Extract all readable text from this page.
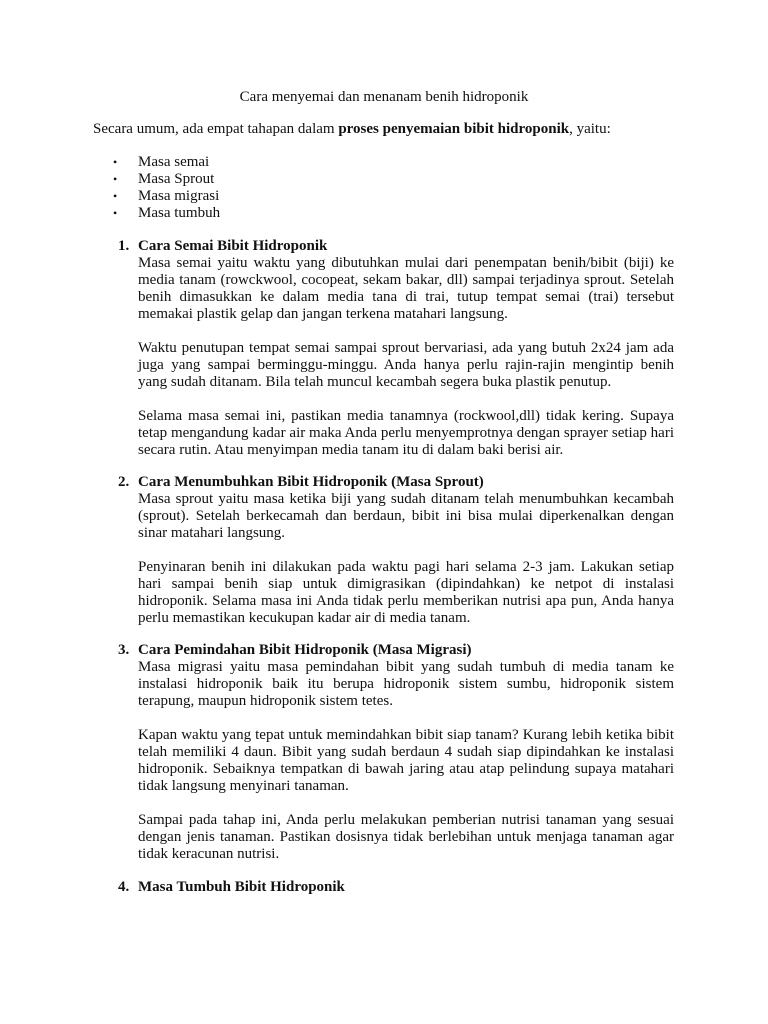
Cara menyemai dan menanam benih hidroponik
Secara umum, ada empat tahapan dalam proses penyemaian bibit hidroponik, yaitu:
• Masa semai
• Masa Sprout
• Masa migrasi
• Masa tumbuh
1. Cara Semai Bibit Hidroponik

Masa semai yaitu waktu yang dibutuhkan mulai dari penempatan benih/bibit (biji) ke media tanam (rowckwool, cocopeat, sekam bakar, dll) sampai terjadinya sprout. Setelah benih dimasukkan ke dalam media tana di trai, tutup tempat semai (trai) tersebut memakai plastik gelap dan jangan terkena matahari langsung.

Waktu penutupan tempat semai sampai sprout bervariasi, ada yang butuh 2x24 jam ada juga yang sampai berminggu-minggu. Anda hanya perlu rajin-rajin mengintip benih yang sudah ditanam. Bila telah muncul kecambah segera buka plastik penutup.

Selama masa semai ini, pastikan media tanamnya (rockwool,dll) tidak kering. Supaya tetap mengandung kadar air maka Anda perlu menyemprotnya dengan sprayer setiap hari secara rutin. Atau menyimpan media tanam itu di dalam baki berisi air.

2. Cara Menumbuhkan Bibit Hidroponik (Masa Sprout)

Masa sprout yaitu masa ketika biji yang sudah ditanam telah menumbuhkan kecambah (sprout). Setelah berkecamah dan berdaun, bibit ini bisa mulai diperkenalkan dengan sinar matahari langsung.

Penyinaran benih ini dilakukan pada waktu pagi hari selama 2-3 jam. Lakukan setiap hari sampai benih siap untuk dimigrasikan (dipindahkan) ke netpot di instalasi hidroponik. Selama masa ini Anda tidak perlu memberikan nutrisi apa pun, Anda hanya perlu memastikan kecukupan kadar air di media tanam.

3. Cara Pemindahan Bibit Hidroponik (Masa Migrasi)

Masa migrasi yaitu masa pemindahan bibit yang sudah tumbuh di media tanam ke instalasi hidroponik baik itu berupa hidroponik sistem sumbu, hidroponik sistem terapung, maupun hidroponik sistem tetes.

Kapan waktu yang tepat untuk memindahkan bibit siap tanam? Kurang lebih ketika bibit telah memiliki 4 daun. Bibit yang sudah berdaun 4 sudah siap dipindahkan ke instalasi hidroponik. Sebaiknya tempatkan di bawah jaring atau atap pelindung supaya matahari tidak langsung menyinari tanaman.

Sampai pada tahap ini, Anda perlu melakukan pemberian nutrisi tanaman yang sesuai dengan jenis tanaman. Pastikan dosisnya tidak berlebihan untuk menjaga tanaman agar tidak keracunan nutrisi.

4. Masa Tumbuh Bibit Hidroponik
